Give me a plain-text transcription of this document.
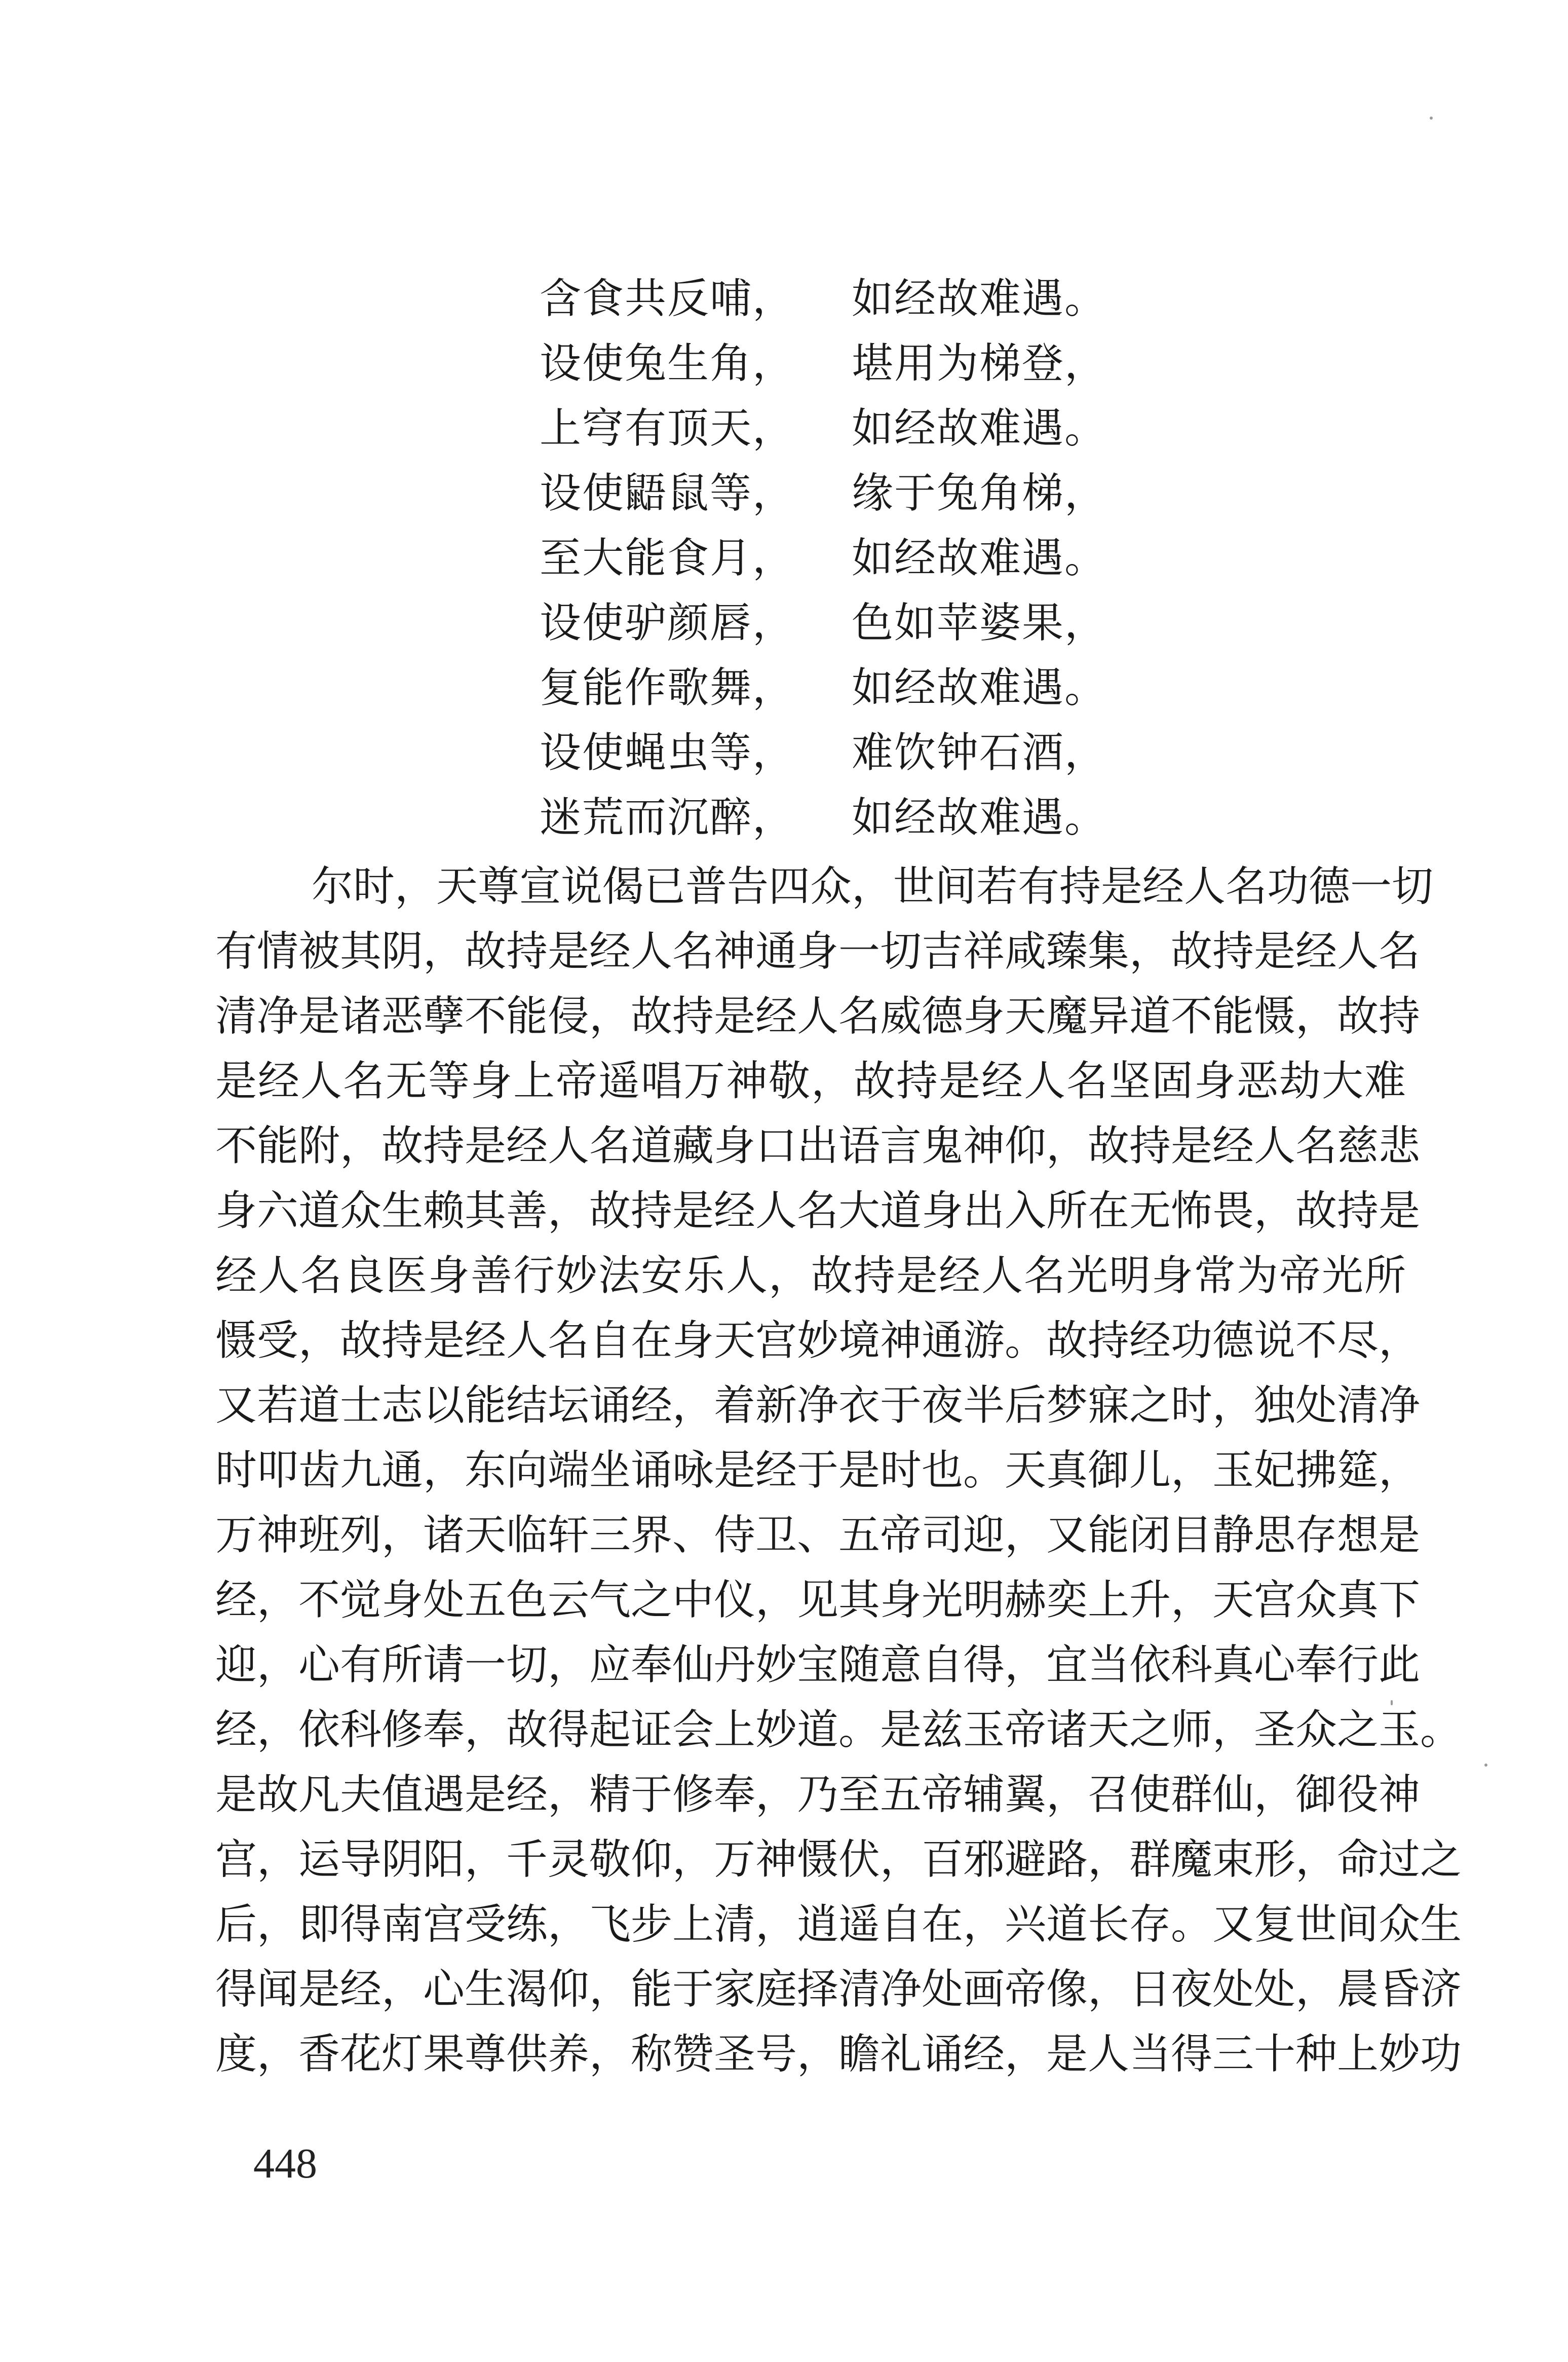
含食共反哺， 如经故难遇。
设使兔生角， 堪用为梯登，
上穹有顶天， 如经故难遇。
设使鼯鼠等， 缘于兔角梯，
至大能食月， 如经故难遇。
设使驴颜唇， 色如苹婆果，
复能作歌舞， 如经故难遇。
设使蝇虫等， 难饮钟石酒，
迷荒而沉醉， 如经故难遇。
尔时，天尊宣说偈已普告四众，世间若有持是经人名功德一切
有情被其阴，故持是经人名神通身一切吉祥咸臻集，故持是经人名
清净是诸恶孽不能侵，故持是经人名威德身天魔异道不能慑，故持
是经人名无等身上帝遥唱万神敬，故持是经人名坚固身恶劫大难
不能附，故持是经人名道藏身口出语言鬼神仰，故持是经人名慈悲
身六道众生赖其善，故持是经人名大道身出入所在无怖畏，故持是
经人名良医身善行妙法安乐人，故持是经人名光明身常为帝光所
慑受，故持是经人名自在身天宫妙境神通游。故持经功德说不尽，
又若道士志以能结坛诵经，着新净衣于夜半后梦寐之时，独处清净
时叩齿九通，东向端坐诵咏是经于是时也。天真御儿，玉妃拂筵，
万神班列，诸天临轩三界、侍卫、五帝司迎，又能闭目静思存想是
经，不觉身处五色云气之中仪，见其身光明赫奕上升，天宫众真下
迎，心有所请一切，应奉仙丹妙宝随意自得，宜当依科真心奉行此
经，依科修奉，故得起证会上妙道。是兹玉帝诸天之师，圣众之玉。
是故凡夫值遇是经，精于修奉，乃至五帝辅翼，召使群仙，御役神
宫，运导阴阳，千灵敬仰，万神慑伏，百邪避路，群魔束形，命过之
后，即得南宫受练，飞步上清，逍遥自在，兴道长存。又复世间众生
得闻是经，心生渴仰，能于家庭择清净处画帝像，日夜处处，晨昏济
度，香花灯果尊供养，称赞圣号，瞻礼诵经，是人当得三十种上妙功
448
